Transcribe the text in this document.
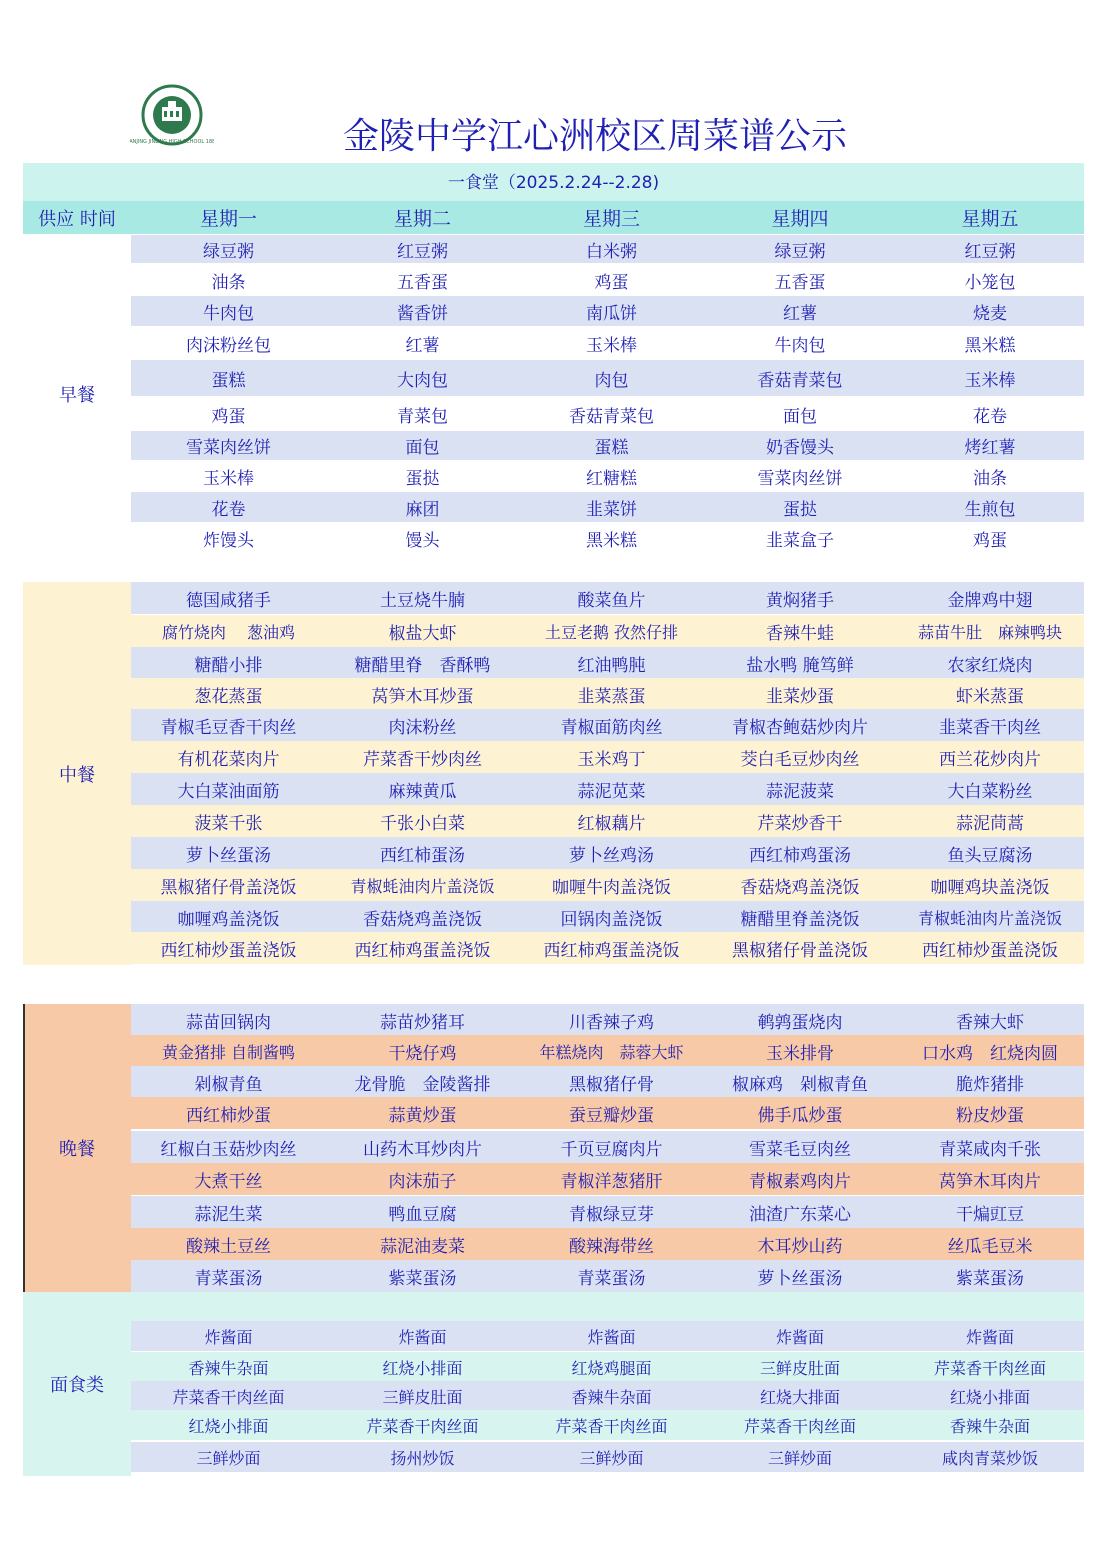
NANJING JINLING HIGH SCHOOL 1888	金陵中学江心洲校区周菜谱公示
一食堂（2025.2.24--2.28)
供应 时间	星期一	星期二	星期三	星期四	星期五
早餐
绿豆粥	红豆粥	白米粥	绿豆粥	红豆粥
油条	五香蛋	鸡蛋	五香蛋	小笼包
牛肉包	酱香饼	南瓜饼	红薯	烧麦
肉沫粉丝包	红薯	玉米棒	牛肉包	黑米糕
蛋糕	大肉包	肉包	香菇青菜包	玉米棒
鸡蛋	青菜包	香菇青菜包	面包	花卷
雪菜肉丝饼	面包	蛋糕	奶香馒头	烤红薯
玉米棒	蛋挞	红糖糕	雪菜肉丝饼	油条
花卷	麻团	韭菜饼	蛋挞	生煎包
炸馒头	馒头	黑米糕	韭菜盒子	鸡蛋
中餐
德国咸猪手	土豆烧牛腩	酸菜鱼片	黄焖猪手	金牌鸡中翅
腐竹烧肉　 葱油鸡	椒盐大虾	土豆老鹅 孜然仔排	香辣牛蛙	蒜苗牛肚　麻辣鸭块
糖醋小排	糖醋里脊　香酥鸭	红油鸭肫	盐水鸭 腌笃鲜	农家红烧肉
葱花蒸蛋	莴笋木耳炒蛋	韭菜蒸蛋	韭菜炒蛋	虾米蒸蛋
青椒毛豆香干肉丝	肉沫粉丝	青椒面筋肉丝	青椒杏鲍菇炒肉片	韭菜香干肉丝
有机花菜肉片	芹菜香干炒肉丝	玉米鸡丁	茭白毛豆炒肉丝	西兰花炒肉片
大白菜油面筋	麻辣黄瓜	蒜泥苋菜	蒜泥菠菜	大白菜粉丝
菠菜千张	千张小白菜	红椒藕片	芹菜炒香干	蒜泥茼蒿
萝卜丝蛋汤	西红柿蛋汤	萝卜丝鸡汤	西红柿鸡蛋汤	鱼头豆腐汤
黑椒猪仔骨盖浇饭	青椒蚝油肉片盖浇饭	咖喱牛肉盖浇饭	香菇烧鸡盖浇饭	咖喱鸡块盖浇饭
咖喱鸡盖浇饭	香菇烧鸡盖浇饭	回锅肉盖浇饭	糖醋里脊盖浇饭	青椒蚝油肉片盖浇饭
西红柿炒蛋盖浇饭	西红柿鸡蛋盖浇饭	西红柿鸡蛋盖浇饭	黑椒猪仔骨盖浇饭	西红柿炒蛋盖浇饭
晚餐
蒜苗回锅肉	蒜苗炒猪耳	川香辣子鸡	鹌鹑蛋烧肉	香辣大虾
黄金猪排 自制酱鸭	干烧仔鸡	年糕烧肉　蒜蓉大虾	玉米排骨	口水鸡　红烧肉圆
剁椒青鱼	龙骨脆　金陵酱排	黑椒猪仔骨	椒麻鸡　剁椒青鱼	脆炸猪排
西红柿炒蛋	蒜黄炒蛋	蚕豆瓣炒蛋	佛手瓜炒蛋	粉皮炒蛋
红椒白玉菇炒肉丝	山药木耳炒肉片	千页豆腐肉片	雪菜毛豆肉丝	青菜咸肉千张
大煮干丝	肉沫茄子	青椒洋葱猪肝	青椒素鸡肉片	莴笋木耳肉片
蒜泥生菜	鸭血豆腐	青椒绿豆芽	油渣广东菜心	干煸豇豆
酸辣土豆丝	蒜泥油麦菜	酸辣海带丝	木耳炒山药	丝瓜毛豆米
青菜蛋汤	紫菜蛋汤	青菜蛋汤	萝卜丝蛋汤	紫菜蛋汤
面食类
炸酱面	炸酱面	炸酱面	炸酱面	炸酱面
香辣牛杂面	红烧小排面	红烧鸡腿面	三鲜皮肚面	芹菜香干肉丝面
芹菜香干肉丝面	三鲜皮肚面	香辣牛杂面	红烧大排面	红烧小排面
红烧小排面	芹菜香干肉丝面	芹菜香干肉丝面	芹菜香干肉丝面	香辣牛杂面
三鲜炒面	扬州炒饭	三鲜炒面	三鲜炒面	咸肉青菜炒饭
